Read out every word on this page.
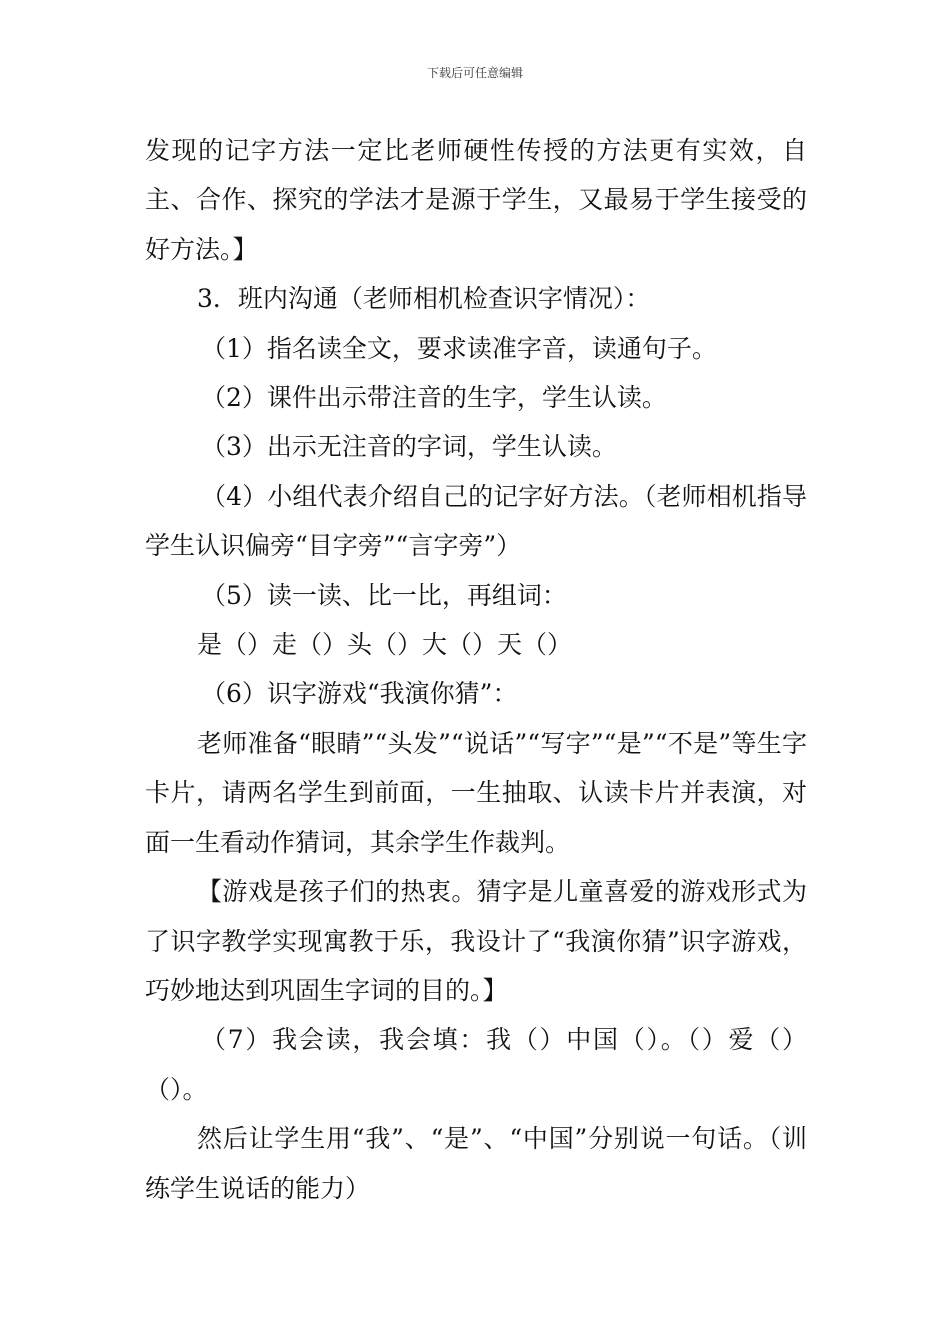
下载后可任意编辑

发现的记字方法一定比老师硬性传授的方法更有实效，自主、合作、探究的学法才是源于学生，又最易于学生接受的好方法。】

3．班内沟通（老师相机检查识字情况）：

（1）指名读全文，要求读准字音，读通句子。

（2）课件出示带注音的生字，学生认读。

（3）出示无注音的字词，学生认读。

（4）小组代表介绍自己的记字好方法。（老师相机指导学生认识偏旁“目字旁”“言字旁”）

（5）读一读、比一比，再组词：

是（）走（）头（）大（）天（）

（6）识字游戏“我演你猜”：

老师准备“眼睛”“头发”“说话”“写字”“是”“不是”等生字卡片，请两名学生到前面，一生抽取、认读卡片并表演，对面一生看动作猜词，其余学生作裁判。

【游戏是孩子们的热衷。猜字是儿童喜爱的游戏形式为了识字教学实现寓教于乐，我设计了“我演你猜”识字游戏，巧妙地达到巩固生字词的目的。】

（7）我会读，我会填：我（）中国（）。（）爱（）（）。

然后让学生用“我”、“是”、“中国”分别说一句话。（训练学生说话的能力）
